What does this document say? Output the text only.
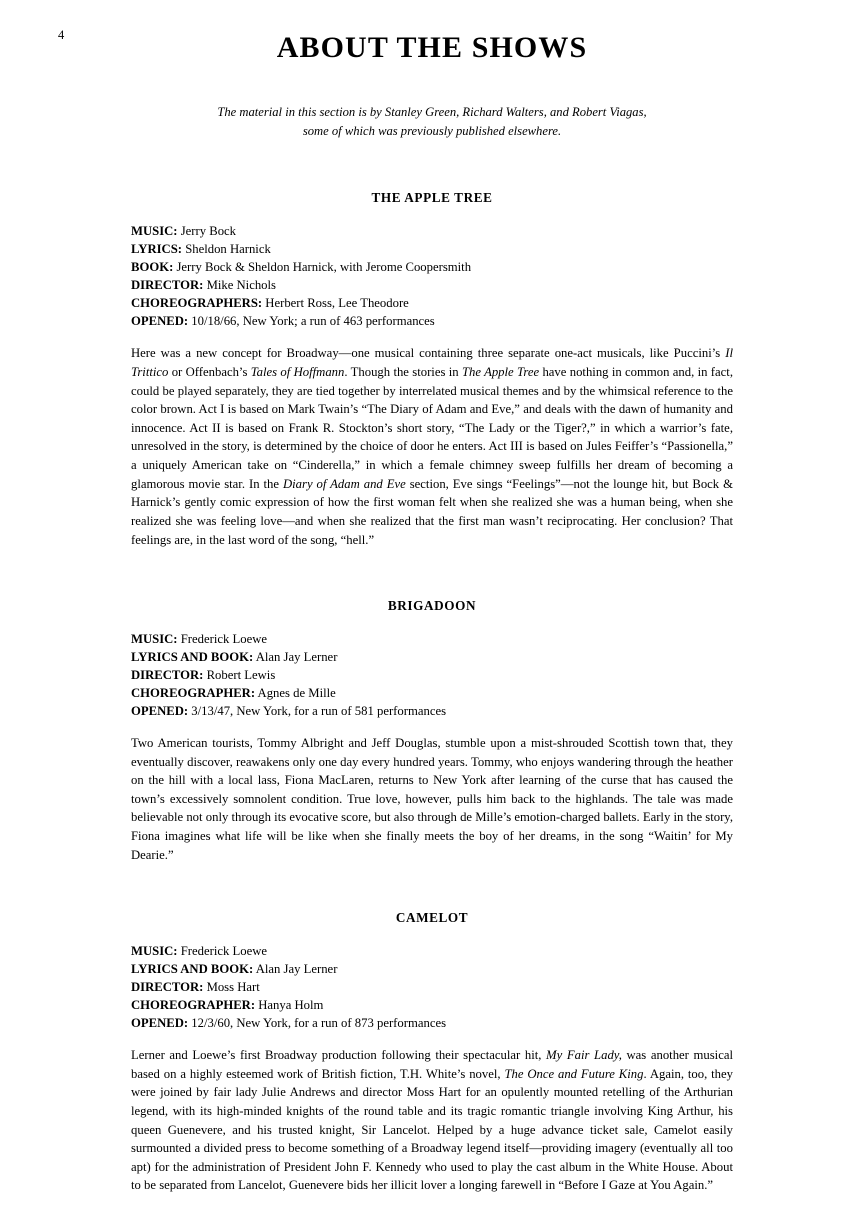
4	ABOUT THE SHOWS
The material in this section is by Stanley Green, Richard Walters, and Robert Viagas,
some of which was previously published elsewhere.
THE APPLE TREE
MUSIC: Jerry Bock
LYRICS: Sheldon Harnick
BOOK: Jerry Bock & Sheldon Harnick, with Jerome Coopersmith
DIRECTOR: Mike Nichols
CHOREOGRAPHERS: Herbert Ross, Lee Theodore
OPENED: 10/18/66, New York; a run of 463 performances

Here was a new concept for Broadway—one musical containing three separate one-act musicals, like Puccini’s Il Trittico or Offenbach’s Tales of Hoffmann. Though the stories in The Apple Tree have nothing in common and, in fact, could be played separately, they are tied together by interrelated musical themes and by the whimsical reference to the color brown. Act I is based on Mark Twain’s “The Diary of Adam and Eve,” and deals with the dawn of humanity and innocence. Act II is based on Frank R. Stockton’s short story, “The Lady or the Tiger?,” in which a warrior’s fate, unresolved in the story, is determined by the choice of door he enters. Act III is based on Jules Feiffer’s “Passionella,” a uniquely American take on “Cinderella,” in which a female chimney sweep fulfills her dream of becoming a glamorous movie star. In the Diary of Adam and Eve section, Eve sings “Feelings”—not the lounge hit, but Bock & Harnick’s gently comic expression of how the first woman felt when she realized she was a human being, when she realized she was feeling love—and when she realized that the first man wasn’t reciprocating. Her conclusion? That feelings are, in the last word of the song, “hell.”

BRIGADOON
MUSIC: Frederick Loewe
LYRICS AND BOOK: Alan Jay Lerner
DIRECTOR: Robert Lewis
CHOREOGRAPHER: Agnes de Mille
OPENED: 3/13/47, New York, for a run of 581 performances

Two American tourists, Tommy Albright and Jeff Douglas, stumble upon a mist-shrouded Scottish town that, they eventually discover, reawakens only one day every hundred years. Tommy, who enjoys wandering through the heather on the hill with a local lass, Fiona MacLaren, returns to New York after learning of the curse that has caused the town’s excessively somnolent condition. True love, however, pulls him back to the highlands. The tale was made believable not only through its evocative score, but also through de Mille’s emotion-charged ballets. Early in the story, Fiona imagines what life will be like when she finally meets the boy of her dreams, in the song “Waitin’ for My Dearie.”

CAMELOT
MUSIC: Frederick Loewe
LYRICS AND BOOK: Alan Jay Lerner
DIRECTOR: Moss Hart
CHOREOGRAPHER: Hanya Holm
OPENED: 12/3/60, New York, for a run of 873 performances

Lerner and Loewe’s first Broadway production following their spectacular hit, My Fair Lady, was another musical based on a highly esteemed work of British fiction, T.H. White’s novel, The Once and Future King. Again, too, they were joined by fair lady Julie Andrews and director Moss Hart for an opulently mounted retelling of the Arthurian legend, with its high-minded knights of the round table and its tragic romantic triangle involving King Arthur, his queen Guenevere, and his trusted knight, Sir Lancelot. Helped by a huge advance ticket sale, Camelot easily surmounted a divided press to become something of a Broadway legend itself—providing imagery (eventually all too apt) for the administration of President John F. Kennedy who used to play the cast album in the White House. About to be separated from Lancelot, Guenevere bids her illicit lover a longing farewell in “Before I Gaze at You Again.”
